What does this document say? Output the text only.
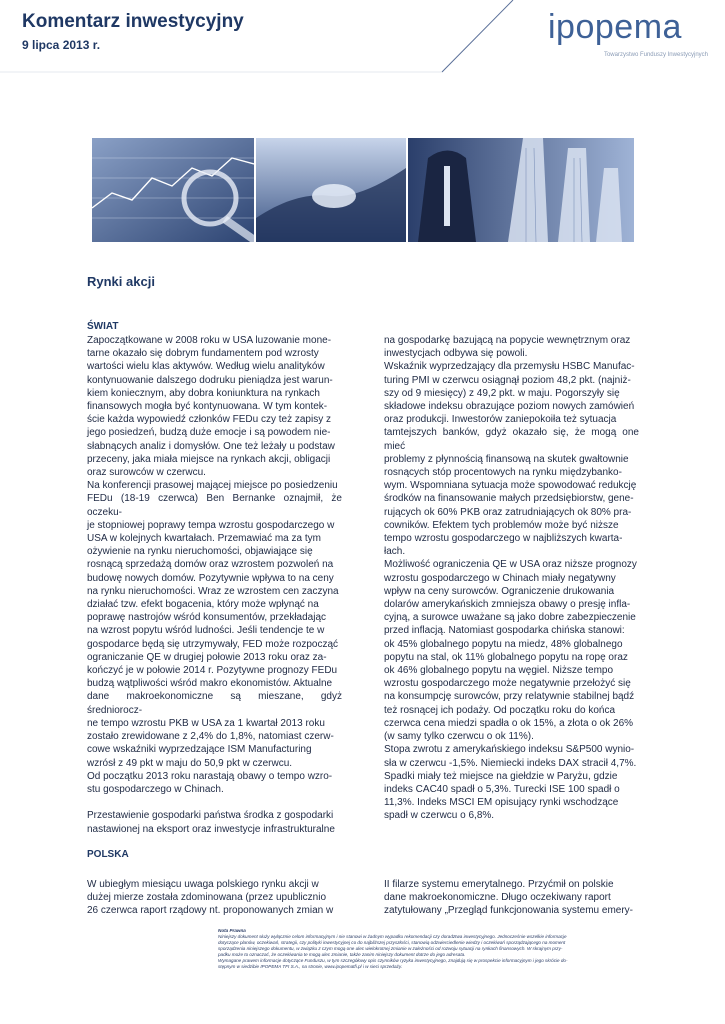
Komentarz inwestycyjny
9 lipca 2013 r.	ipopema
Towarzystwo Funduszy Inwestycyjnych
Rynki akcji
ŚWIAT

Zapoczątkowane w 2008 roku w USA luzowanie mone-
tarne okazało się dobrym fundamentem pod wzrosty
wartości wielu klas aktywów. Według wielu analityków
kontynuowanie dalszego dodruku pieniądza jest warun-
kiem koniecznym, aby dobra koniunktura na rynkach
finansowych mogła być kontynuowana. W tym kontek-
ście każda wypowiedź członków FEDu czy też zapisy z
jego posiedzeń, budzą duże emocje i są powodem nie-
słabnących analiz i domysłów. One też leżały u podstaw
przeceny, jaka miała miejsce na rynkach akcji, obligacji
oraz surowców w czerwcu.

Na konferencji prasowej mającej miejsce po posiedzeniu
FEDu (18-19 czerwca) Ben Bernanke oznajmił, że oczeku-
je stopniowej poprawy tempa wzrostu gospodarczego w
USA w kolejnych kwartałach. Przemawiać ma za tym
ożywienie na rynku nieruchomości, objawiające się
rosnącą sprzedażą domów oraz wzrostem pozwoleń na
budowę nowych domów. Pozytywnie wpływa to na ceny
na rynku nieruchomości. Wraz ze wzrostem cen zaczyna
działać tzw. efekt bogacenia, który może wpłynąć na
poprawę nastrojów wśród konsumentów, przekładając
na wzrost popytu wśród ludności. Jeśli tendencje te w
gospodarce będą się utrzymywały, FED może rozpocząć
ograniczanie QE w drugiej połowie 2013 roku oraz za-
kończyć je w połowie 2014 r. Pozytywne prognozy FEDu
budzą wątpliwości wśród makro ekonomistów. Aktualne
dane makroekonomiczne są mieszane, gdyż średniorocz-
ne tempo wzrostu PKB w USA za 1 kwartał 2013 roku
zostało zrewidowane z 2,4% do 1,8%, natomiast czerw-
cowe wskaźniki wyprzedzające ISM Manufacturing
wzrósł z 49 pkt w maju do 50,9 pkt w czerwcu.

Od początku 2013 roku narastają obawy o tempo wzro-
stu gospodarczego w Chinach.

Przestawienie gospodarki państwa środka z gospodarki
nastawionej na eksport oraz inwestycje infrastrukturalne

na gospodarkę bazującą na popycie wewnętrznym oraz
inwestycjach odbywa się powoli.

Wskaźnik wyprzedzający dla przemysłu HSBC Manufac-
turing PMI w czerwcu osiągnął poziom 48,2 pkt. (najniż-
szy od 9 miesięcy) z 49,2 pkt. w maju. Pogorszyły się
składowe indeksu obrazujące poziom nowych zamówień
oraz produkcji. Inwestorów zaniepokoiła też sytuacja
tamtejszych banków, gdyż okazało się, że mogą one mieć
problemy z płynnością finansową na skutek gwałtownie
rosnących stóp procentowych na rynku międzybanko-
wym. Wspomniana sytuacja może spowodować redukcję
środków na finansowanie małych przedsiębiorstw, gene-
rujących ok 60% PKB oraz zatrudniających ok 80% pra-
cowników. Efektem tych problemów może być niższe
tempo wzrostu gospodarczego w najbliższych kwarta-
łach.

Możliwość ograniczenia QE w USA oraz niższe prognozy
wzrostu gospodarczego w Chinach miały negatywny
wpływ na ceny surowców. Ograniczenie drukowania
dolarów amerykańskich zmniejsza obawy o presję infla-
cyjną, a surowce uważane są jako dobre zabezpieczenie
przed inflacją. Natomiast gospodarka chińska stanowi:
ok 45% globalnego popytu na miedz, 48% globalnego
popytu na stal, ok 11% globalnego popytu na ropę oraz
ok 46% globalnego popytu na węgiel. Niższe tempo
wzrostu gospodarczego może negatywnie przełożyć się
na konsumpcję surowców, przy relatywnie stabilnej bądź
też rosnącej ich podaży. Od początku roku do końca
czerwca cena miedzi spadła o ok 15%, a złota o ok 26%
(w samy tylko czerwcu o ok 11%).

Stopa zwrotu z amerykańskiego indeksu S&P500 wynio-
sła w czerwcu -1,5%. Niemiecki indeks DAX stracił 4,7%.
Spadki miały też miejsce na giełdzie w Paryżu, gdzie
indeks CAC40 spadł o 5,3%. Turecki ISE 100 spadł o
11,3%. Indeks MSCI EM opisujący rynki wschodzące
spadł w czerwcu o 6,8%.

POLSKA

W ubiegłym miesiącu uwaga polskiego rynku akcji w
dużej mierze została zdominowana (przez upublicznio
26 czerwca raport rządowy nt. proponowanych zmian w

II filarze systemu emerytalnego. Przyćmił on polskie
dane makroekonomiczne. Długo oczekiwany raport
zatytułowany „Przegląd funkcjonowania systemu emery-

Nota Prawna

Niniejszy dokument służy wyłącznie celom informacyjnym i nie stanowi w żadnym wypadku rekomendacji czy doradztwa inwestycyjnego. Jednocześnie wszelkie informacje

dotyczące planów, oczekiwań, strategii, czy polityki inwestycyjnej co do najbliższej przyszłości, stanowią odzwierciedlenie wiedzy i oczekiwań sporządzającego na moment

sporządzenia niniejszego dokumentu, w związku z czym mogą one ulec wielokrotnej zmianie w zależności od rozwoju sytuacji na rynkach finansowych. W skrajnym przy-

padku może to oznaczać, że oczekiwania te mogą ulec zmianie, także zanim niniejszy dokument dotrze do jego adresata.

Wymagane prawem informacje dotyczące Funduszu, w tym szczegółowy opis czynników ryzyka inwestycyjnego, znajdują się w prospekcie informacyjnym i jego skrócie do-

stępnym w siedzibie IPOPEMA TFI S.A., na stronie, www.ipopematfi.pl i w sieci sprzedaży.
